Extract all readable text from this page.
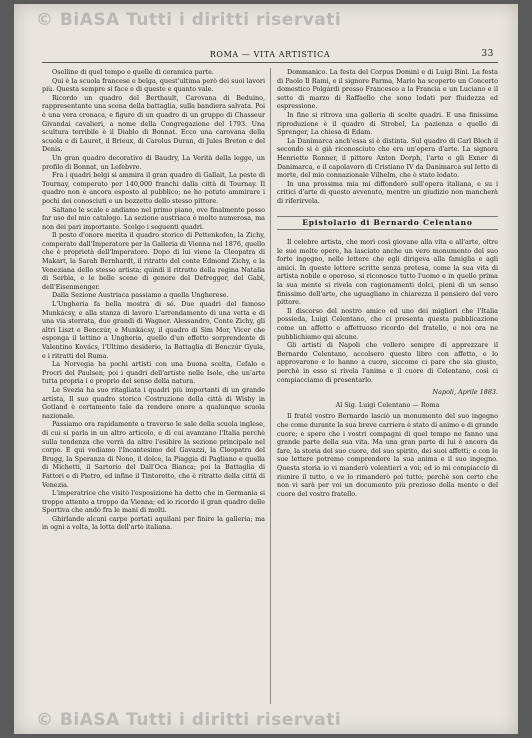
© BiASA Tutti i diritti riservati
ROMA — VITA ARTISTICA	33

Oselline di quel tempo e quelle di ceramica parte.

Qui è la scuola francese e belga, quest'ultima però dei suoi lavori più. Questa sempre si face e di queste e quanto vale.

Ricordo un quadro del Berthault, Carovana di Beduino, rappresentante una scena della battaglia, sulla bandiera salvata. Poi è una vera cronaca, e figure di un quadro di un gruppo di Chasseur Givandai cavalieri, a nome della Congregazione del 1793. Una scultura terribile è il Diablo di Bonnat. Ecco una carovana della scuola e di Lauret, il Brieux, di Carolus Duran, di Jules Breton e del Denis.

Un gran quadro decorativo di Baudry, La Verità della legge, un profilo di Bonnat, un Lefebvre.

Fra i quadri belgi si ammira il gran quadro di Gallait, La peste di Tournay, comperato per 140,000 franchi dalla città di Tournay. Il quadro non è ancora esposto al pubblico; ne ho potuto ammirare i pochi dei conosciuti e un bozzetto dello stesso pittore.

Saltano le scale e andiamo nel primo piano, ove finalmente posso far uso del mio catalogo. La sezione austriaca è molto numerosa, ma non dei pari importante. Scelgo i seguenti quadri.

Il posto d'onore merita il quadro storico di Pettenkofen, la Zichy, comperato dall'Imperatore per la Galleria di Vienna nel 1876, quello che è proprietà dell'Imperatore. Dopo di lui viene la Cleopatra di Makart, la Sarah Bernhardt, il ritratto del conte Edmond Zichy, e la Veneziana dello stesso artista; quindi il ritratto della regina Natalia di Serbia, e le belle scene di genere del Defregger, del Gabl, dell'Eisenmenger.

Dalla Sezione Austriaca passiamo a quella Ungherese.

L'Ungheria fa bella mostra di sé. Due quadri del famoso Munkácsy, e alla stanza di lavoro L'arrendamento di una vetta e di una via sterrata, due grandi di Wagner. Alessandro, Conte Zichy, gli altri Liszt e Benczúr, e Munkácsy, il quadro di Sim Mor, Vicer che esponga il lettino a Ungheria, quello d'un effetto sorprendente di Valentino Kovács, l'Ultimo desiderio, la Battaglia di Benczúr Gyula, e i ritratti del Ruma.

La Norvegia ha pochi artisti con una buona scelta, Cefalo e Procri del Paulsen; poi i quadri dell'artiste nelle Isole, che un'arte tutta propria i e proprio del senso della natura.

Le Svezia ha suo ritagliata i quadri più importanti di un grande artista, Il suo quadro storico Costruzione della città di Wisby in Gotland è certamente tale da rendere onore a qualunque scuola nazionale.

Passiamo ora rapidamente a traverso le sale della scuola inglese, di cui si parla in un altro articolo, e di cui avanzano l'Italia perchè sulla tendenza che verrà da altre l'esibire la sezione principale nel corpo. E qui vediamo l'Incantesimo del Gavazzi, la Cleopatra del Brugg, la Speranza di Nono, il dolce, la Piaggia di Pagliano e quella di Michetti, il Sartorio del Dall'Oca Bianca; poi la Battaglia di Fattori e di Pietro, ed infine il Tintoretto, che è ritratto della città di Venezia.

L'imperatrice che visitò l'esposizione ha detto che in Germania si troppo attento a troppo da Vienna; ed io ricordo il gran quadro delle Sportiva che andò fra le mani di molti.

Ghirlande alcuni carpe portati aquilani per finire la galleria; ma in ogni a volta, la lotta dell'arte italiana.

Dommanico. La festa del Corpus Domini e di Luigi Bini. La festa di Paolo Il Rami, e il signore Parma, Mario ha scoperto un Concerto domestico Polgárdi presso Francesco a la Francia e un Luciano e il sette di marzo di Raffaello che sono lodati per fluidezza ed espressione.

In fine si ritrova una galleria di scelte quadri. E una finissima riproduzione è il quadro di Strobel, La pazienza e quello di Sprenger, La chiesa di Edam.

La Danimarca anch'essa si è distinta. Sul quadro di Carl Bloch il secondo si è già riconosciuto che era un'opera d'arte. La signora Henriette Ronner, il pittore Anton Dorph, l'arte e gli Exner di Danimarca, e il capolavoro di Cristiano IV da Danimarca sul letto di morte, del mio connazionale Vilhelm, che è stato lodato.

In una prossima mia mi diffonderò sull'opera italiana, e su i critici d'arte di questo avvenuto, mentre un giudizio non mancherà di riferirvela.

Epistolario di Bernardo Celentano

Il celebre artista, che morì così giovane alla vita e all'arte, oltre le sue molte opere, ha lasciato anche un vero monumento del suo forte ingegno, nelle lettere che egli dirigeva alla famiglia e agli amici. In queste lettere scritte senza pretesa, come la sua vita di artista nobile e operoso, si riconosce tutto l'uomo e in quelle prima la sua mente si rivela con ragionamenti dolci, pieni di un senso finissimo dell'arte, che uguagliano in chiarezza il pensiero del vero pittore.

Il discorso del nostro amico ed uno dei migliori che l'Italia possieda, Luigi Celentano, che ci presenta questa pubblicazione come un affetto e affettuoso ricordo del fratello, e noi ora ne pubblichiamo qui alcune.

Gli artisti di Napoli che vollero sempre di apprezzare il Bernardo Celentano, accolsero questo libro con affetto, e lo approvarono e lo hanno a cuore, siccome ci pare che sia giusto, perchè in esso si rivela l'anima e il cuore di Celentano, così ci compiacciamo di presentarlo.

Napoli, Aprile 1883.
Al Sig. Luigi Celentano — Roma

Il fratel vostro Bernardo lasciò un monumento del suo ingegno che come durante la sua breve carriera è stato di animo e di grande cuore; e spero che i vostri compagni di quel tempo ne fanno una grande parte della sua vita. Ma una gran parte di lui è ancora da fare, la storia del suo cuore, del suo spirito, dei suoi affetti; e con le sue lettere potremo comprendere la sua anima e il suo ingegno. Questa storia io vi manderò volentieri a voi; ed io mi compiaccio di riunire il tutto, e ve lo rimanderò poi tutto; perchè son certo che non vi sarà per voi un documento più prezioso della mente e del cuore del vostro fratello.

© BiASA Tutti i diritti riservati
